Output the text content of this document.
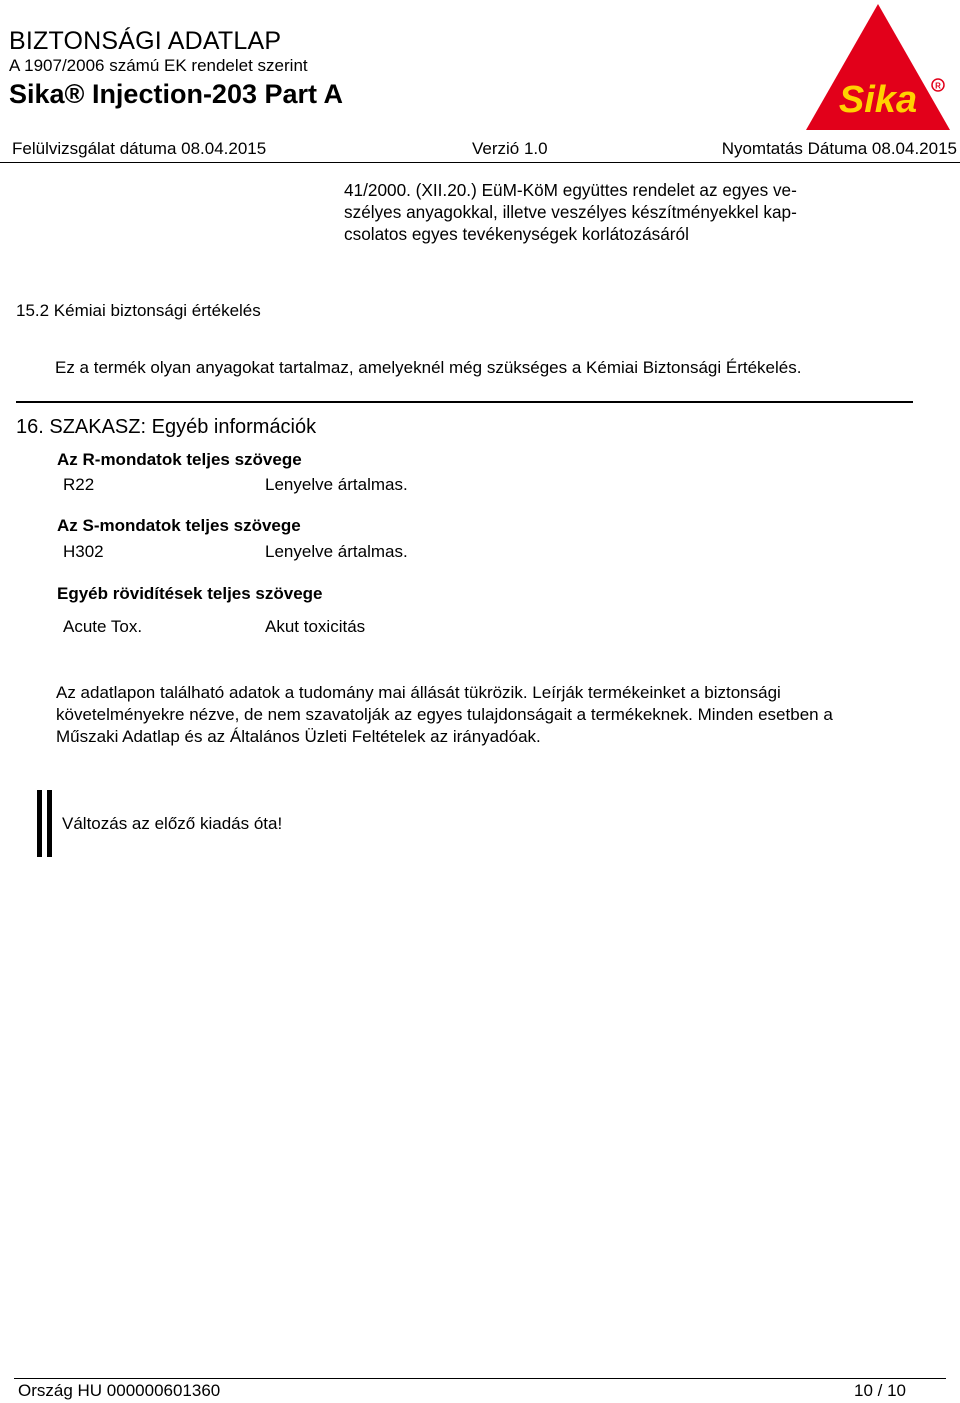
BIZTONSÁGI ADATLAP
A 1907/2006 számú EK rendelet szerint
Sika® Injection-203 Part A
Felülvizsgálat dátuma 08.04.2015	Verzió 1.0	Nyomtatás Dátuma 08.04.2015
Sika R
41/2000. (XII.20.) EüM-KöM együttes rendelet az egyes ve- szélyes anyagokkal, illetve veszélyes készítményekkel kap- csolatos egyes tevékenységek korlátozásáról
15.2 Kémiai biztonsági értékelés
Ez a termék olyan anyagokat tartalmaz, amelyeknél még szükséges a Kémiai Biztonsági Értékelés.
16. SZAKASZ: Egyéb információk
Az R-mondatok teljes szövege
R22	Lenyelve ártalmas.
Az S-mondatok teljes szövege
H302	Lenyelve ártalmas.
Egyéb rövidítések teljes szövege
Acute Tox.	Akut toxicitás
Az adatlapon található adatok a tudomány mai állását tükrözik. Leírják termékeinket a biztonsági követelményekre nézve, de nem szavatolják az egyes tulajdonságait a termékeknek. Minden esetben a
Műszaki Adatlap és az Általános Üzleti Feltételek az irányadóak.
Változás az előző kiadás óta!
Ország HU 000000601360	10 / 10
